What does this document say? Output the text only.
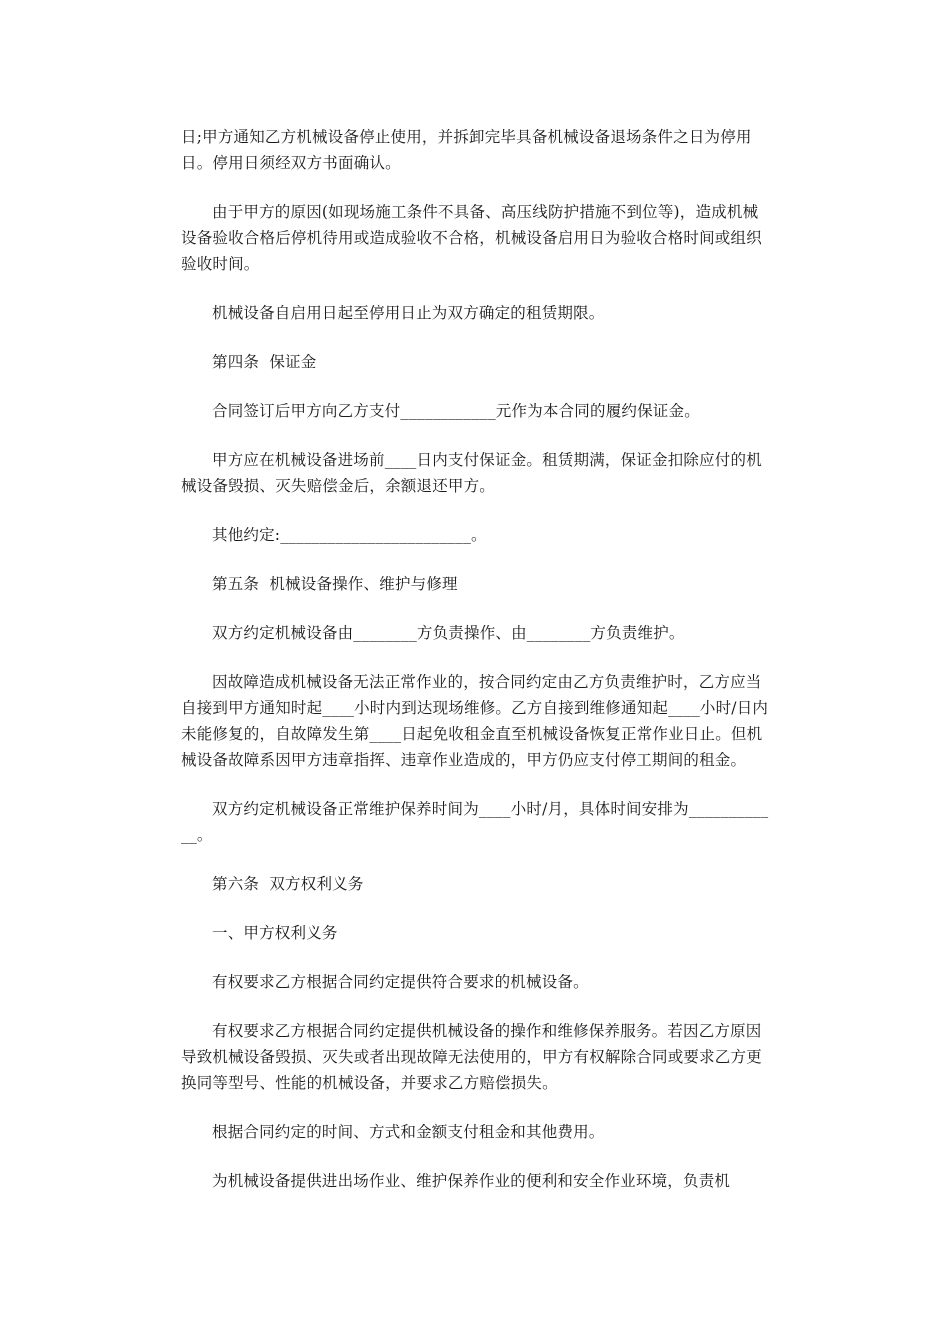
日;甲方通知乙方机械设备停止使用，并拆卸完毕具备机械设备退场条件之日为停用日。停用日须经双方书面确认。

由于甲方的原因(如现场施工条件不具备、高压线防护措施不到位等)，造成机械设备验收合格后停机待用或造成验收不合格，机械设备启用日为验收合格时间或组织验收时间。

机械设备自启用日起至停用日止为双方确定的租赁期限。

第四条  保证金

合同签订后甲方向乙方支付____________元作为本合同的履约保证金。

甲方应在机械设备进场前____日内支付保证金。租赁期满，保证金扣除应付的机械设备毁损、灭失赔偿金后，余额退还甲方。

其他约定:________________________。

第五条  机械设备操作、维护与修理

双方约定机械设备由________方负责操作、由________方负责维护。

因故障造成机械设备无法正常作业的，按合同约定由乙方负责维护时，乙方应当自接到甲方通知时起____小时内到达现场维修。乙方自接到维修通知起____小时/日内未能修复的，自故障发生第____日起免收租金直至机械设备恢复正常作业日止。但机械设备故障系因甲方违章指挥、违章作业造成的，甲方仍应支付停工期间的租金。

双方约定机械设备正常维护保养时间为____小时/月，具体时间安排为____________。

第六条  双方权利义务

一、甲方权利义务

有权要求乙方根据合同约定提供符合要求的机械设备。

有权要求乙方根据合同约定提供机械设备的操作和维修保养服务。若因乙方原因导致机械设备毁损、灭失或者出现故障无法使用的，甲方有权解除合同或要求乙方更换同等型号、性能的机械设备，并要求乙方赔偿损失。

根据合同约定的时间、方式和金额支付租金和其他费用。

为机械设备提供进出场作业、维护保养作业的便利和安全作业环境，负责机
